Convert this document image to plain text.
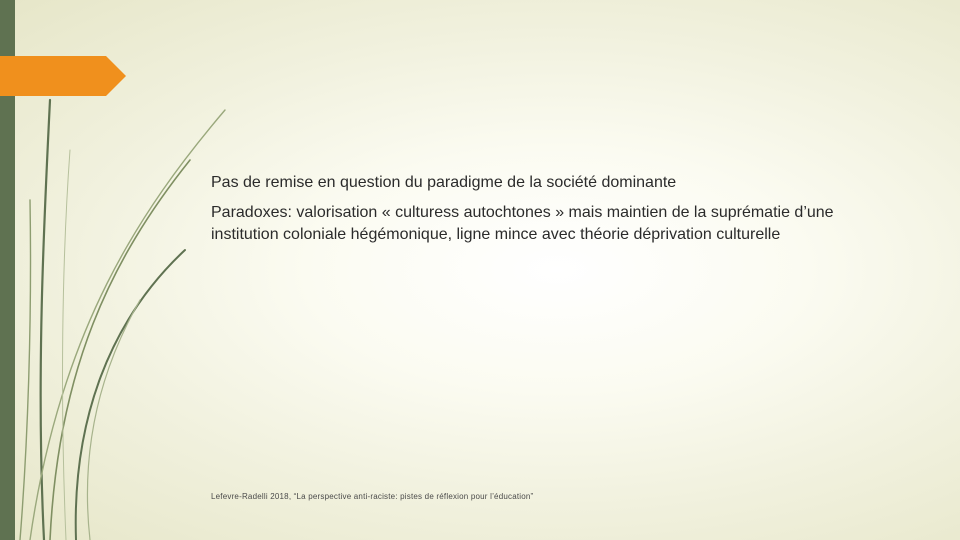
Pas de remise en question du paradigme de la société dominante

Paradoxes: valorisation « culturess autochtones » mais maintien de la suprématie d’une institution coloniale hégémonique, ligne mince avec théorie déprivation culturelle

Lefevre-Radelli 2018, “La perspective anti-raciste: pistes de réflexion pour l’éducation”
